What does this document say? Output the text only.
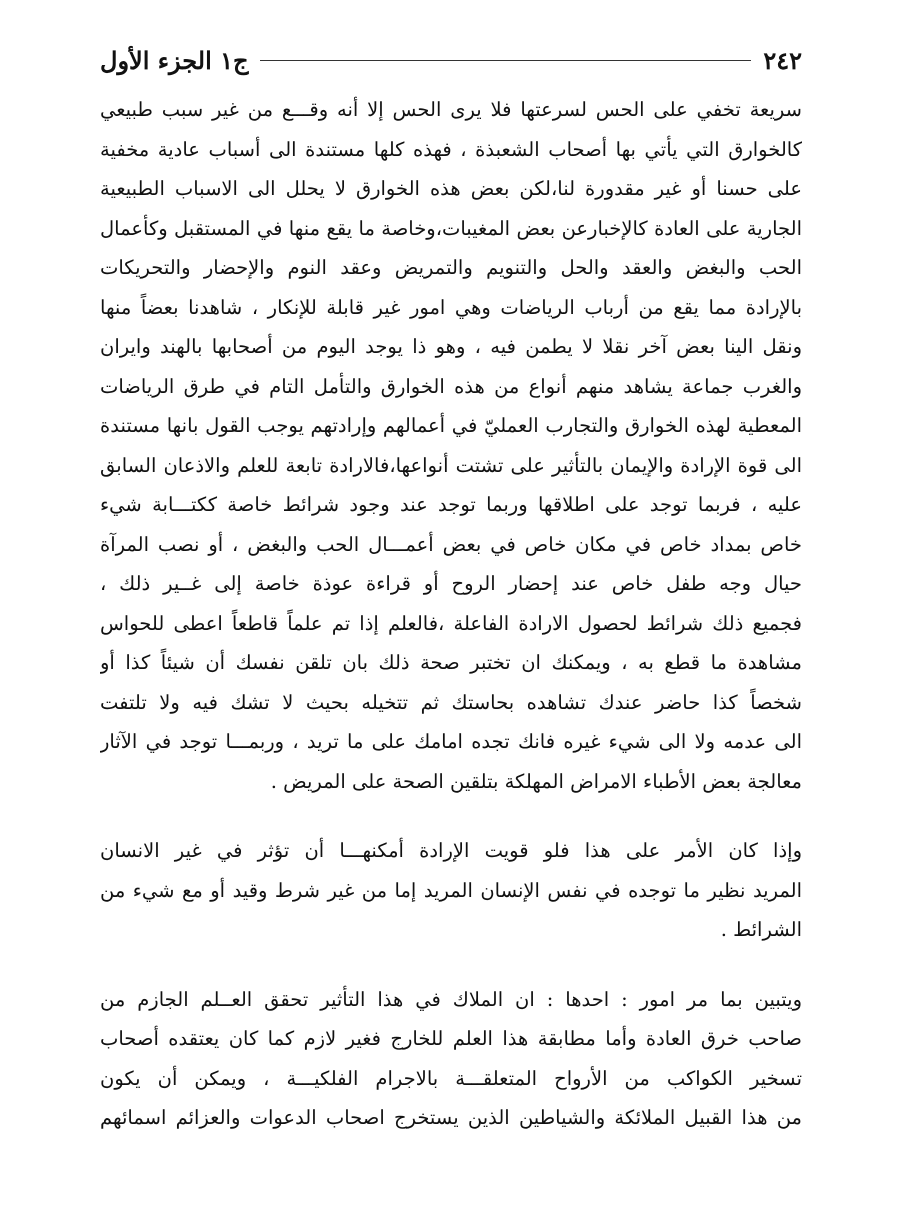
٢٤٢
ج١ الجزء الأول
سريعة تخفي على الحس لسرعتها فلا يرى الحس إلا أنه وقـــع من غير سبب طبيعي
كالخوارق التي يأتي بها أصحاب الشعبذة ، فهذه كلها مستندة الى أسباب عادية مخفية
على حسنا أو غير مقدورة لنا،لكن بعض هذه الخوارق لا يحلل الى الاسباب الطبيعية
الجارية على العادة كالإخبارعن بعض المغيبات،وخاصة ما يقع منها في المستقبل وكأعمال
الحب والبغض والعقد والحل والتنويم والتمريض وعقد النوم والإحضار والتحريكات
بالإرادة مما يقع من أرباب الرياضات وهي امور غير قابلة للإنكار ، شاهدنا بعضاً منها
ونقل الينا بعض آخر نقلا لا يطمن فيه ، وهو ذا يوجد اليوم من أصحابها بالهند وايران
والغرب جماعة يشاهد منهم أنواع من هذه الخوارق والتأمل التام في طرق الرياضات
المعطية لهذه الخوارق والتجارب العمليّ في أعمالهم وإرادتهم يوجب القول بانها مستندة
الى قوة الإرادة والإيمان بالتأثير على تشتت أنواعها،فالارادة تابعة للعلم والاذعان السابق
عليه ، فربما توجد على اطلاقها وربما توجد عند وجود شرائط خاصة ككتـــابة شيء
خاص بمداد خاص في مكان خاص في بعض أعمـــال الحب والبغض ، أو نصب المرآة
حيال وجه طفل خاص عند إحضار الروح أو قراءة عوذة خاصة إلى غــير ذلك ،
فجميع ذلك شرائط لحصول الارادة الفاعلة ،فالعلم إذا تم علماً قاطعاً اعطى للحواس
مشاهدة ما قطع به ، ويمكنك ان تختبر صحة ذلك بان تلقن نفسك أن شيئاً كذا أو
شخصاً كذا حاضر عندك تشاهده بحاستك ثم تتخيله بحيث لا تشك فيه ولا تلتفت
الى عدمه ولا الى شيء غيره فانك تجده امامك على ما تريد ، وربمـــا توجد في الآثار
معالجة بعض الأطباء الامراض المهلكة بتلقين الصحة على المريض .
وإذا كان الأمر على هذا فلو قويت الإرادة أمكنهـــا أن تؤثر في غير الانسان
المريد نظير ما توجده في نفس الإنسان المريد إما من غير شرط وقيد أو مع شيء من
الشرائط .
ويتبين بما مر امور : احدها : ان الملاك في هذا التأثير تحقق العــلم الجازم من
صاحب خرق العادة وأما مطابقة هذا العلم للخارج فغير لازم كما كان يعتقده أصحاب
تسخير الكواكب من الأرواح المتعلقـــة بالاجرام الفلكيـــة ، ويمكن أن يكون
من هذا القبيل الملائكة والشياطين الذين يستخرج اصحاب الدعوات والعزائم اسمائهم
